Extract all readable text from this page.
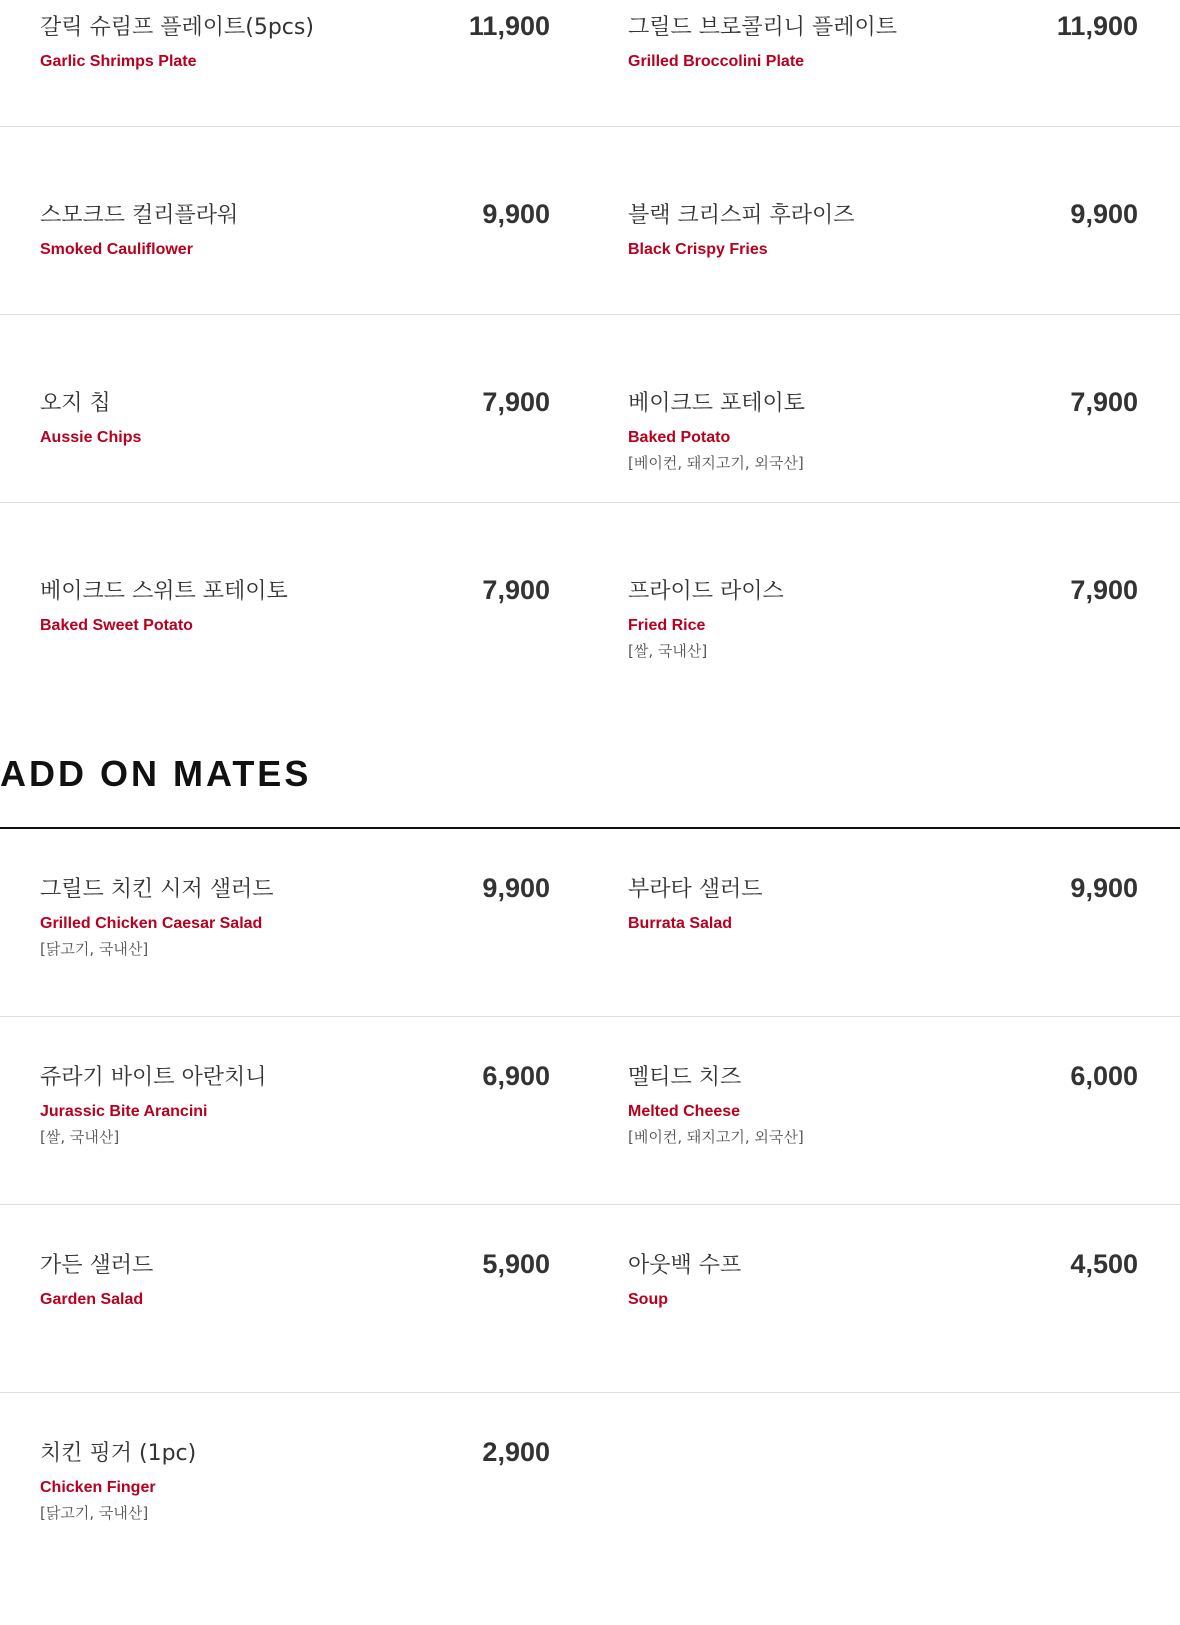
갈릭 슈림프 플레이트(5pcs)
Garlic Shrimps Plate
11,900	그릴드 브로콜리니 플레이트
Grilled Broccolini Plate
11,900
스모크드 컬리플라워
Smoked Cauliflower
9,900	블랙 크리스피 후라이즈
Black Crispy Fries
9,900
오지 칩
Aussie Chips
7,900	베이크드 포테이토
Baked Potato
[베이컨, 돼지고기, 외국산]
7,900
베이크드 스위트 포테이토
Baked Sweet Potato
7,900	프라이드 라이스
Fried Rice
[쌀, 국내산]
7,900
ADD ON MATES
그릴드 치킨 시저 샐러드
Grilled Chicken Caesar Salad
[닭고기, 국내산]
9,900	부라타 샐러드
Burrata Salad
9,900
쥬라기 바이트 아란치니
Jurassic Bite Arancini
[쌀, 국내산]
6,900	멜티드 치즈
Melted Cheese
[베이컨, 돼지고기, 외국산]
6,000
가든 샐러드
Garden Salad
5,900	아웃백 수프
Soup
4,500
치킨 핑거 (1pc)
Chicken Finger
[닭고기, 국내산]
2,900
